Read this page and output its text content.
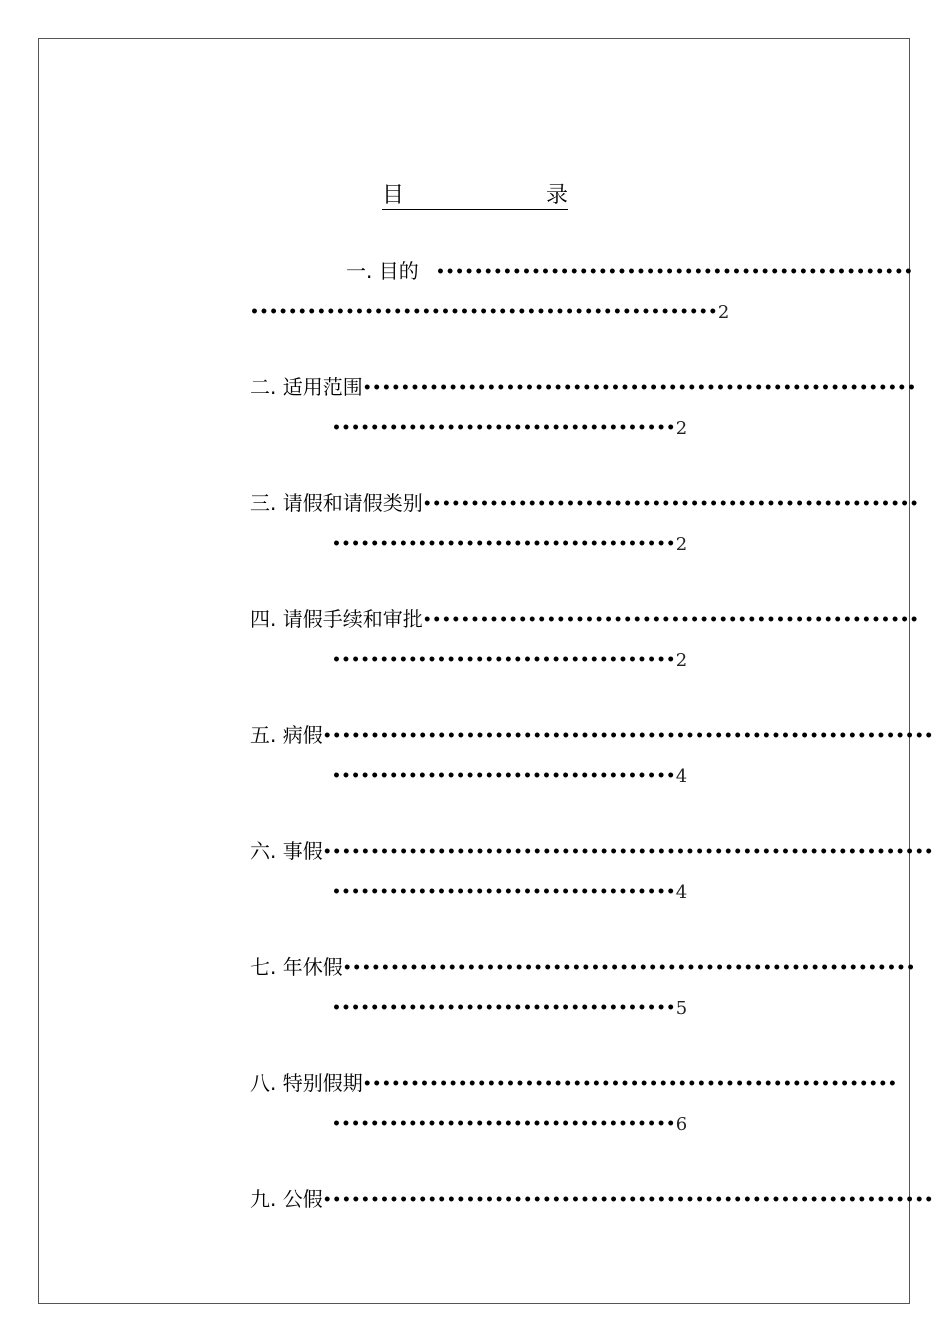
目	录
一. 目的   ••••••••••••••••••••••••••••••••••••••••••••••••••
•••••••••••••••••••••••••••••••••••••••••••••••••2
二. 适用范围••••••••••••••••••••••••••••••••••••••••••••••••••••••••••
••••••••••••••••••••••••••••••••••••2
三. 请假和请假类别••••••••••••••••••••••••••••••••••••••••••••••••••••
••••••••••••••••••••••••••••••••••••2
四. 请假手续和审批••••••••••••••••••••••••••••••••••••••••••••••••••••
••••••••••••••••••••••••••••••••••••2
五. 病假••••••••••••••••••••••••••••••••••••••••••••••••••••••••••••••••
••••••••••••••••••••••••••••••••••••4
六. 事假••••••••••••••••••••••••••••••••••••••••••••••••••••••••••••••••
••••••••••••••••••••••••••••••••••••4
七. 年休假••••••••••••••••••••••••••••••••••••••••••••••••••••••••••••
••••••••••••••••••••••••••••••••••••5
八. 特别假期••••••••••••••••••••••••••••••••••••••••••••••••••••••••
••••••••••••••••••••••••••••••••••••6
九. 公假••••••••••••••••••••••••••••••••••••••••••••••••••••••••••••••••
